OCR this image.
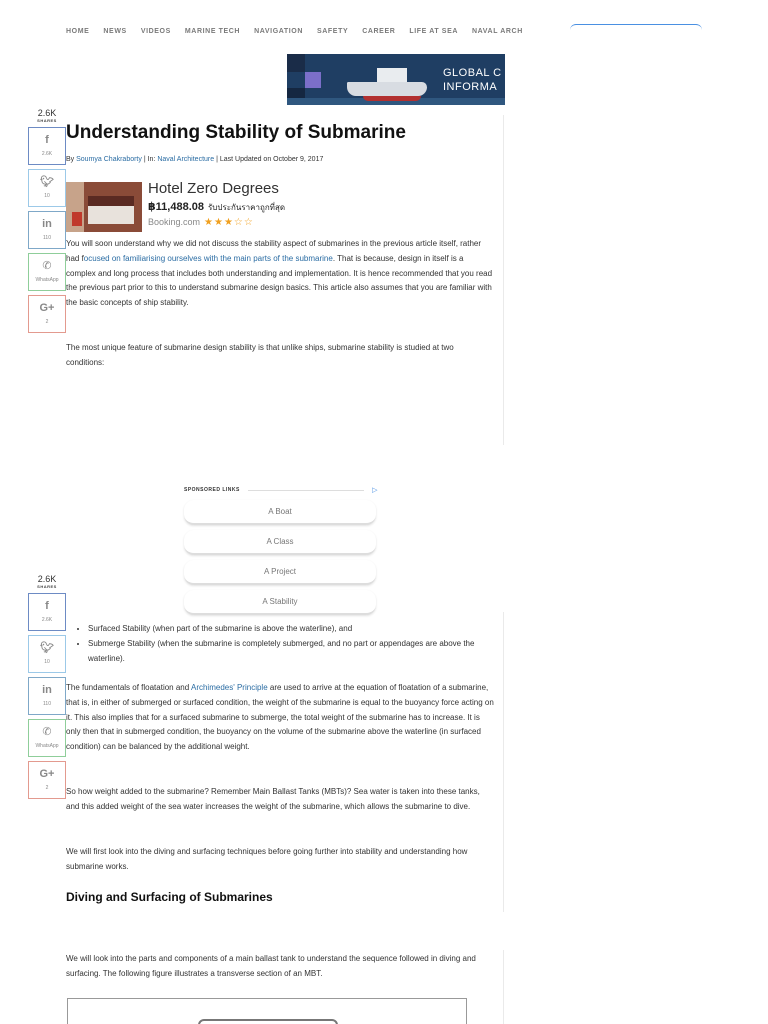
HOME NEWS VIDEOS MARINE TECH NAVIGATION SAFETY CAREER LIFE AT SEA NAVAL ARCH
GLOBAL C
INFORMA
2.6K
SHARES
f
2.6K
🐦︎
10
in
110
✆
WhatsApp
G+
2
2.6K
SHARES
f
2.6K
🐦︎
10
in
110
✆
WhatsApp
G+
2
Understanding Stability of Submarine
By Soumya Chakraborty | In: Naval Architecture | Last Updated on October 9, 2017
Hotel Zero Degrees
฿11,488.08 รับประกันราคาถูกที่สุด
Booking.com ★★★☆☆

You will soon understand why we did not discuss the stability aspect of submarines in the previous article itself, rather had focused on familiarising ourselves with the main parts of the submarine. That is because, design in itself is a complex and long process that includes both understanding and implementation. It is hence recommended that you read the previous part prior to this to understand submarine design basics. This article also assumes that you are familiar with the basic concepts of ship stability.

The most unique feature of submarine design stability is that unlike ships, submarine stability is studied at two conditions:

SPONSORED LINKS	▷
A Boat
A Class
A Project
A Stability
• Surfaced Stability (when part of the submarine is above the waterline), and
• Submerge Stability (when the submarine is completely submerged, and no part or appendages are above the waterline).

The fundamentals of floatation and Archimedes' Principle are used to arrive at the equation of floatation of a submarine, that is, in either of submerged or surfaced condition, the weight of the submarine is equal to the buoyancy force acting on it. This also implies that for a surfaced submarine to submerge, the total weight of the submarine has to increase. It is only then that in submerged condition, the buoyancy on the volume of the submarine above the waterline (in surfaced condition) can be balanced by the additional weight.

So how weight added to the submarine? Remember Main Ballast Tanks (MBTs)? Sea water is taken into these tanks, and this added weight of the sea water increases the weight of the submarine, which allows the submarine to dive.

We will first look into the diving and surfacing techniques before going further into stability and understanding how submarine works.

Diving and Surfacing of Submarines

We will look into the parts and components of a main ballast tank to understand the sequence followed in diving and surfacing. The following figure illustrates a transverse section of an MBT.
